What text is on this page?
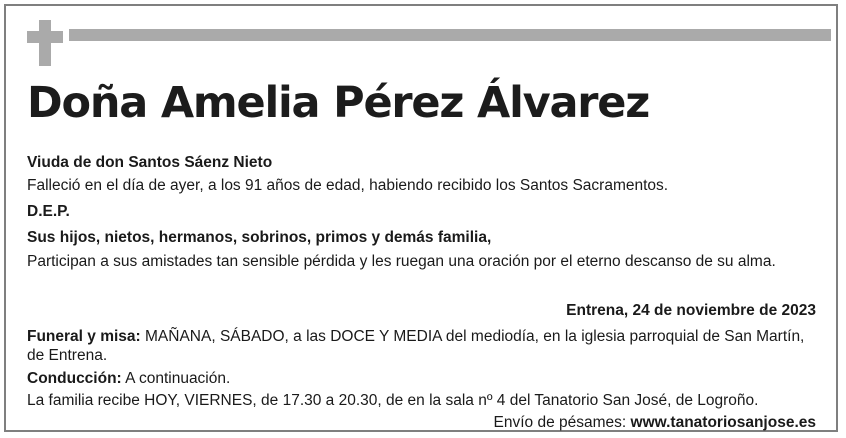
Doña Amelia Pérez Álvarez
Viuda de don Santos Sáenz Nieto
Falleció en el día de ayer, a los 91 años de edad, habiendo recibido los Santos Sacramentos.
D.E.P.
Sus hijos, nietos, hermanos, sobrinos, primos y demás familia,
Participan a sus amistades tan sensible pérdida y les ruegan una oración por el eterno descanso de su alma.
Entrena, 24 de noviembre de 2023
Funeral y misa: MAÑANA, SÁBADO, a las DOCE Y MEDIA del mediodía, en la iglesia parroquial de San Martín,
de Entrena.
Conducción: A continuación.
La familia recibe HOY, VIERNES, de 17.30 a 20.30, de en la sala nº 4 del Tanatorio San José, de Logroño.
Envío de pésames: www.tanatoriosanjose.es
